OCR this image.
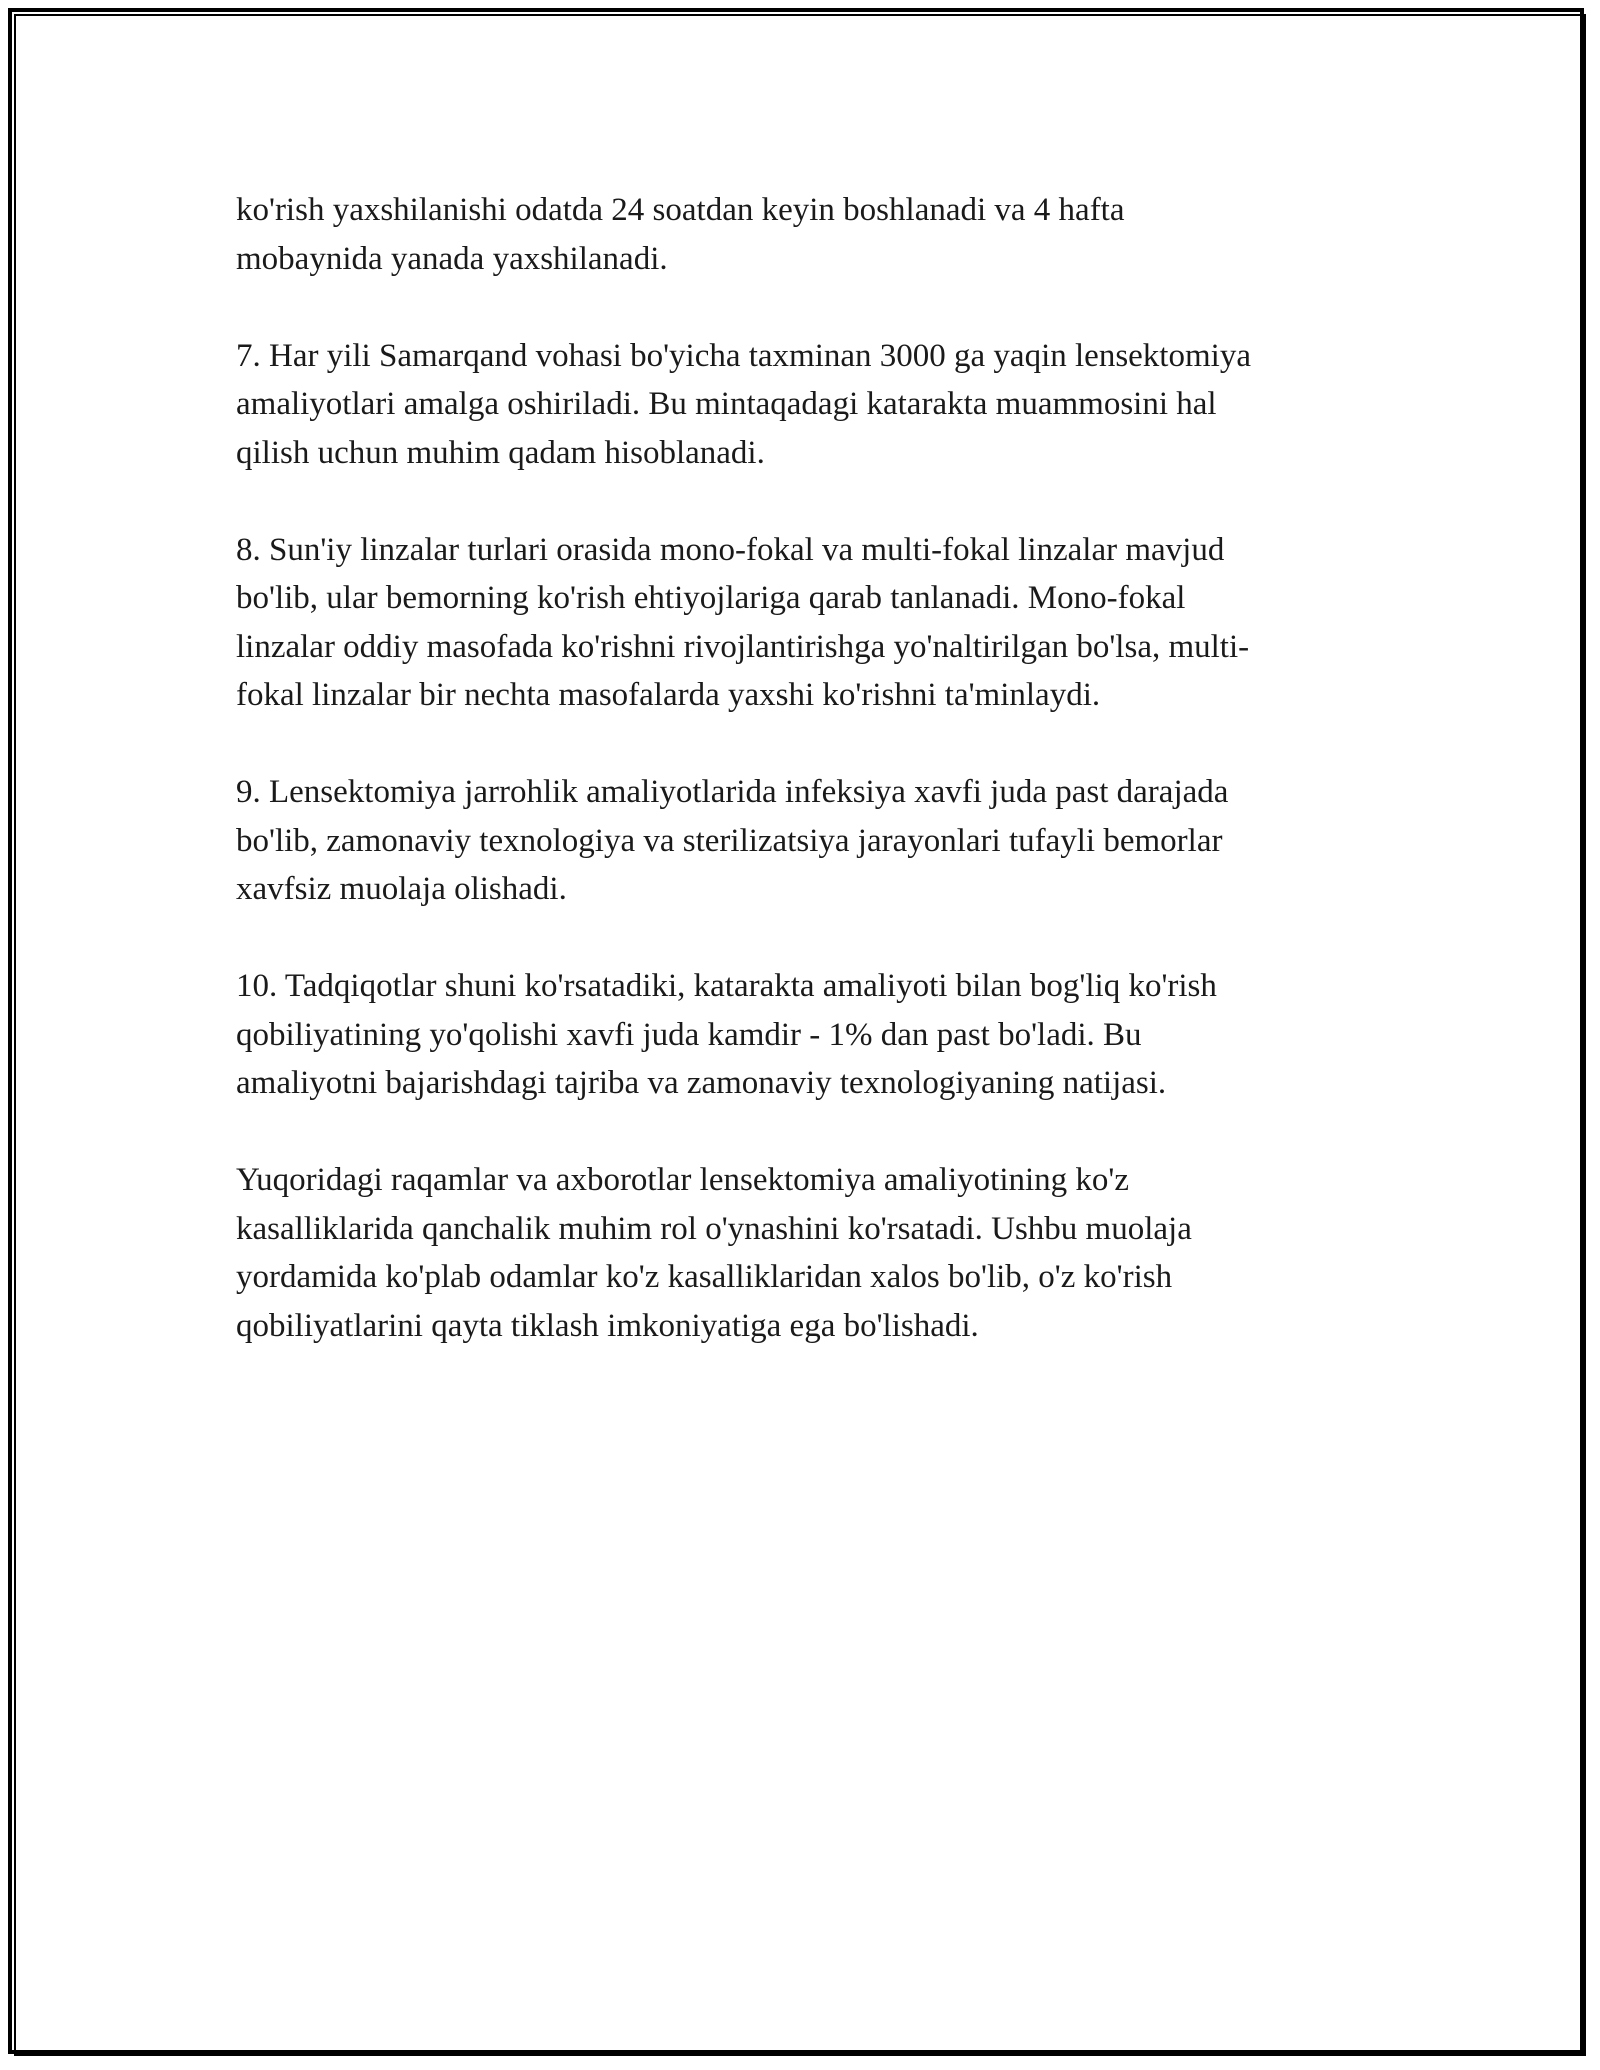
ko'rish yaxshilanishi odatda 24 soatdan keyin boshlanadi va 4 hafta
mobaynida yanada yaxshilanadi.

7. Har yili Samarqand vohasi bo'yicha taxminan 3000 ga yaqin lensektomiya
amaliyotlari amalga oshiriladi. Bu mintaqadagi katarakta muammosini hal
qilish uchun muhim qadam hisoblanadi.

8. Sun'iy linzalar turlari orasida mono-fokal va multi-fokal linzalar mavjud
bo'lib, ular bemorning ko'rish ehtiyojlariga qarab tanlanadi. Mono-fokal
linzalar oddiy masofada ko'rishni rivojlantirishga yo'naltirilgan bo'lsa, multi-
fokal linzalar bir nechta masofalarda yaxshi ko'rishni ta'minlaydi.

9. Lensektomiya jarrohlik amaliyotlarida infeksiya xavfi juda past darajada
bo'lib, zamonaviy texnologiya va sterilizatsiya jarayonlari tufayli bemorlar
xavfsiz muolaja olishadi.

10. Tadqiqotlar shuni ko'rsatadiki, katarakta amaliyoti bilan bog'liq ko'rish
qobiliyatining yo'qolishi xavfi juda kamdir - 1% dan past bo'ladi. Bu
amaliyotni bajarishdagi tajriba va zamonaviy texnologiyaning natijasi.

Yuqoridagi raqamlar va axborotlar lensektomiya amaliyotining ko'z
kasalliklarida qanchalik muhim rol o'ynashini ko'rsatadi. Ushbu muolaja
yordamida ko'plab odamlar ko'z kasalliklaridan xalos bo'lib, o'z ko'rish
qobiliyatlarini qayta tiklash imkoniyatiga ega bo'lishadi.
